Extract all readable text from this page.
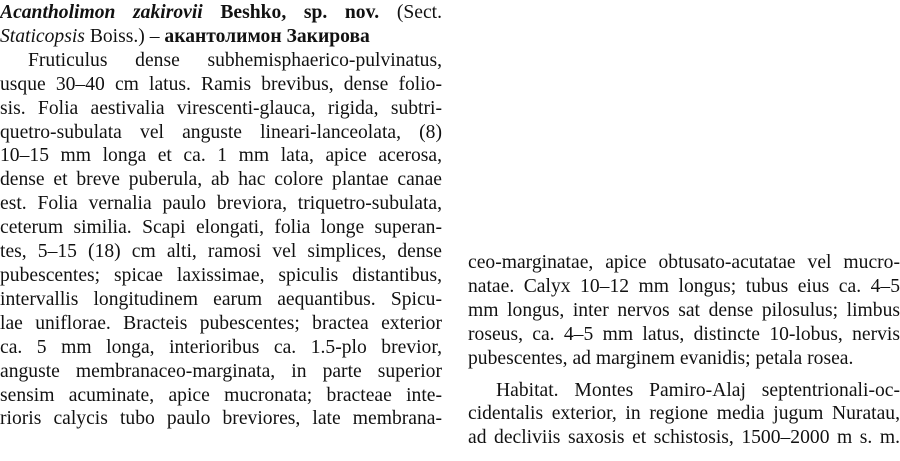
Acantholimon zakirovii Beshko, sp. nov. (Sect.
Staticopsis Boiss.) – акантолимон Закирова
Fruticulus dense subhemisphaerico-pulvinatus,
usque 30–40 cm latus. Ramis brevibus, dense folio-
sis. Folia aestivalia virescenti-glauca, rigida, subtri-
quetro-subulata vel anguste lineari-lanceolata, (8)
10–15 mm longa et ca. 1 mm lata, apice acerosa,
dense et breve puberula, ab hac colore plantae canae
est. Folia vernalia paulo breviora, triquetro-subulata,
ceterum similia. Scapi elongati, folia longe superan-
tes, 5–15 (18) cm alti, ramosi vel simplices, dense
pubescentes; spicae laxissimae, spiculis distantibus,
intervallis longitudinem earum aequantibus. Spicu-
lae uniflorae. Bracteis pubescentes; bractea exterior
ca. 5 mm longa, interioribus ca. 1.5-plo brevior,
anguste membranaceo-marginata, in parte superior
sensim acuminate, apice mucronata; bracteae inte-
rioris calycis tubo paulo breviores, late membrana-
ceo-marginatae, apice obtusato-acutatae vel mucro-
natae. Calyx 10–12 mm longus; tubus eius ca. 4–5
mm longus, inter nervos sat dense pilosulus; limbus
roseus, ca. 4–5 mm latus, distincte 10-lobus, nervis
pubescentes, ad marginem evanidis; petala rosea.
Habitat. Montes Pamiro-Alaj septentrionali-oc-
cidentalis exterior, in regione media jugum Nuratau,
ad decliviis saxosis et schistosis, 1500–2000 m s. m.
